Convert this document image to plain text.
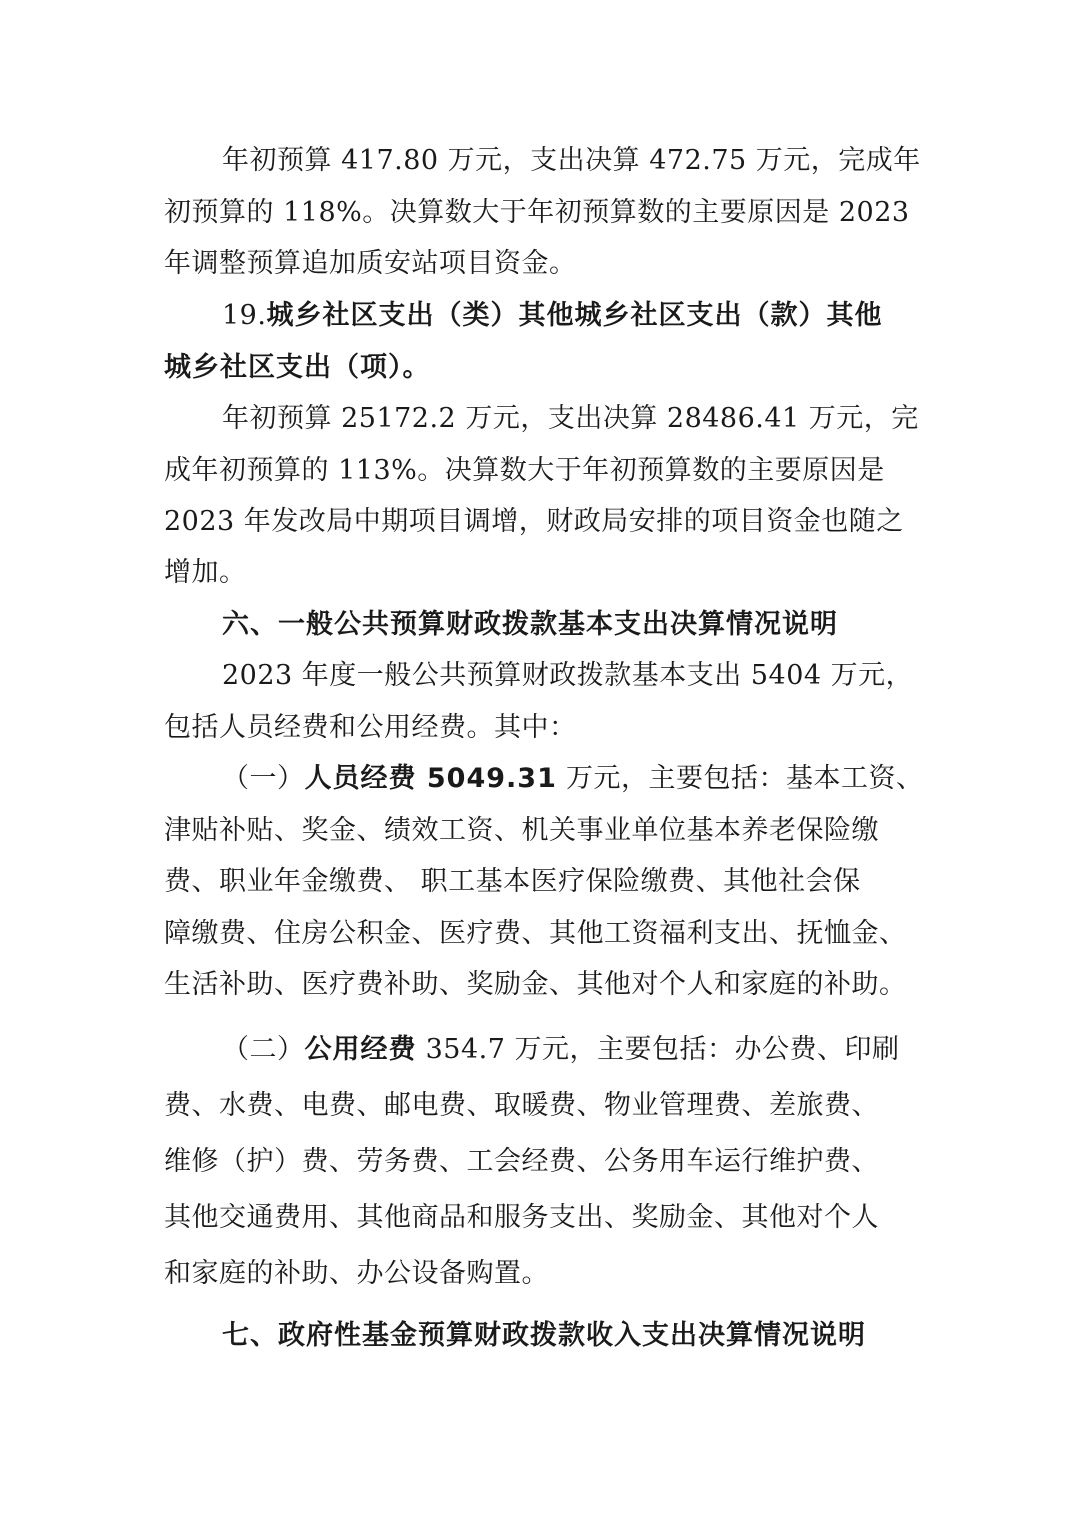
年初预算 417.80 万元，支出决算 472.75 万元，完成年
初预算的 118%。决算数大于年初预算数的主要原因是 2023
年调整预算追加质安站项目资金。
19.城乡社区支出（类）其他城乡社区支出（款）其他
城乡社区支出（项）。
年初预算 25172.2 万元，支出决算 28486.41 万元，完
成年初预算的 113%。决算数大于年初预算数的主要原因是
2023 年发改局中期项目调增，财政局安排的项目资金也随之
增加。
六、一般公共预算财政拨款基本支出决算情况说明
2023 年度一般公共预算财政拨款基本支出 5404 万元，
包括人员经费和公用经费。其中：
（一）人员经费 5049.31 万元，主要包括：基本工资、
津贴补贴、奖金、绩效工资、机关事业单位基本养老保险缴
费、职业年金缴费、 职工基本医疗保险缴费、其他社会保
障缴费、住房公积金、医疗费、其他工资福利支出、抚恤金、
生活补助、医疗费补助、奖励金、其他对个人和家庭的补助。
（二）公用经费 354.7 万元，主要包括：办公费、印刷
费、水费、电费、邮电费、取暖费、物业管理费、差旅费、
维修（护）费、劳务费、工会经费、公务用车运行维护费、
其他交通费用、其他商品和服务支出、奖励金、其他对个人
和家庭的补助、办公设备购置。
七、政府性基金预算财政拨款收入支出决算情况说明
